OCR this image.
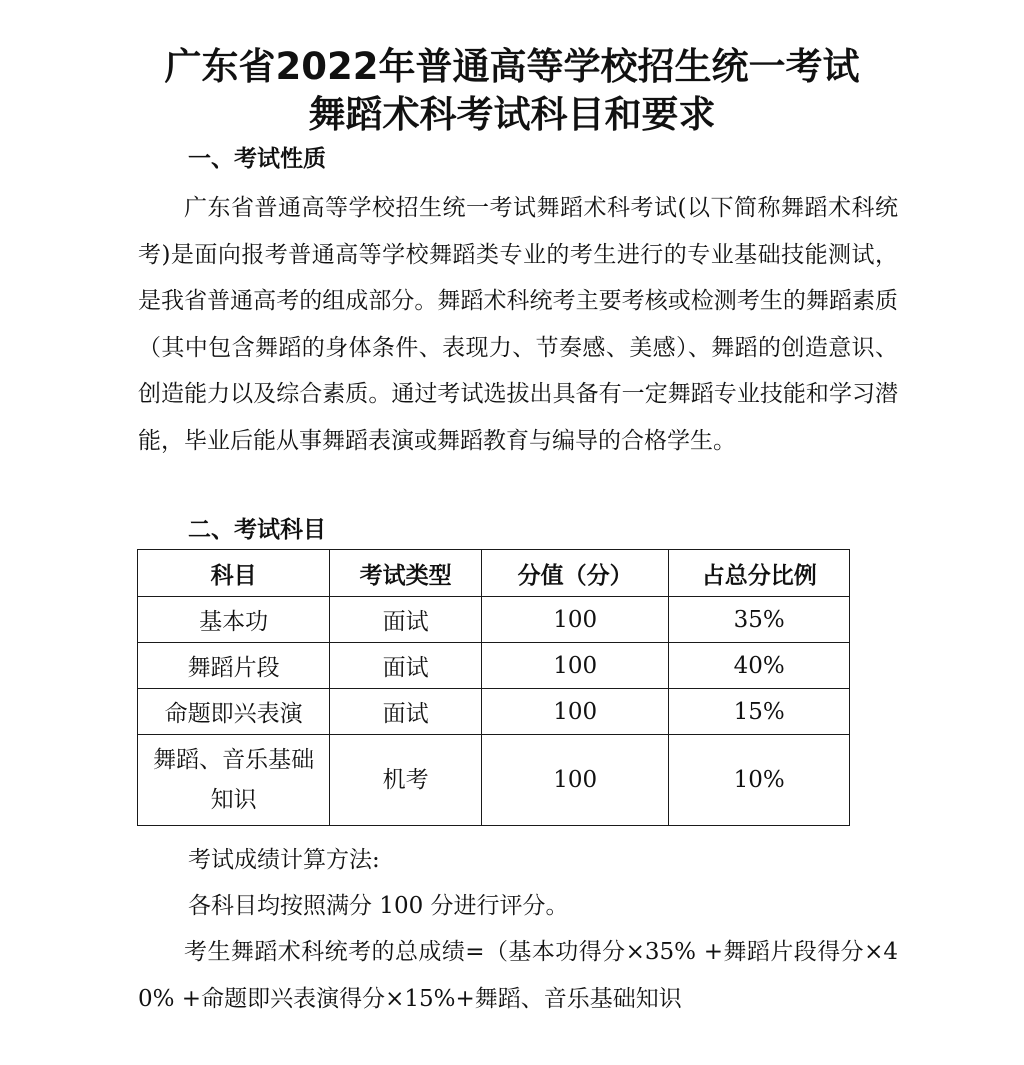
广东省2022年普通高等学校招生统一考试
舞蹈术科考试科目和要求
一、考试性质
广东省普通高等学校招生统一考试舞蹈术科考试(以下简称舞蹈术科统考)是面向报考普通高等学校舞蹈类专业的考生进行的专业基础技能测试，是我省普通高考的组成部分。舞蹈术科统考主要考核或检测考生的舞蹈素质（其中包含舞蹈的身体条件、表现力、节奏感、美感）、舞蹈的创造意识、创造能力以及综合素质。通过考试选拔出具备有一定舞蹈专业技能和学习潜能，毕业后能从事舞蹈表演或舞蹈教育与编导的合格学生。
二、考试科目
科目	考试类型	分值（分）	占总分比例
基本功	面试	100	35%
舞蹈片段	面试	100	40%
命题即兴表演	面试	100	15%
舞蹈、音乐基础知识	机考	100	10%
考试成绩计算方法:
各科目均按照满分 100 分进行评分。
考生舞蹈术科统考的总成绩=（基本功得分×35% +舞蹈片段得分×40% +命题即兴表演得分×15%+舞蹈、音乐基础知识
